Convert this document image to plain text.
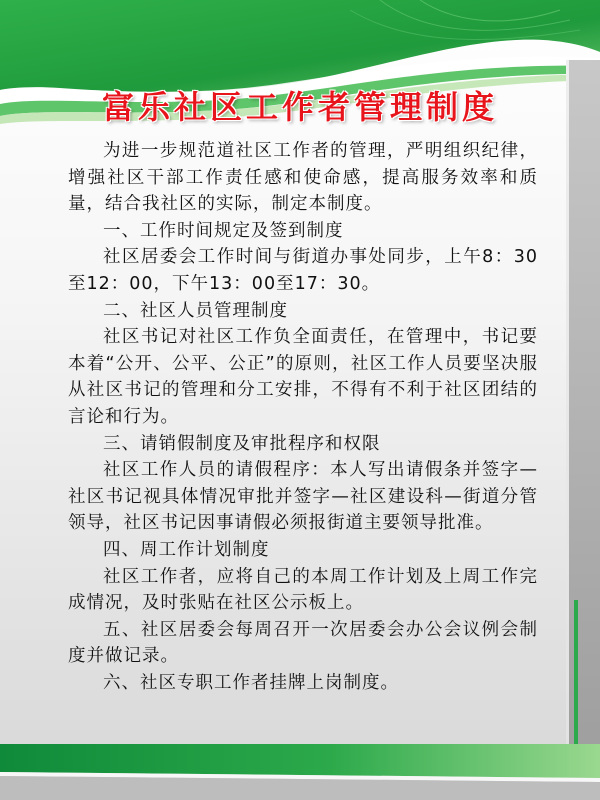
富乐社区工作者管理制度

为进一步规范道社区工作者的管理，严明组织纪律，增强社区干部工作责任感和使命感，提高服务效率和质量，结合我社区的实际，制定本制度。

一、工作时间规定及签到制度

社区居委会工作时间与街道办事处同步，上午8：30至12：00，下午13：00至17：30。

二、社区人员管理制度

社区书记对社区工作负全面责任，在管理中，书记要本着“公开、公平、公正”的原则，社区工作人员要坚决服从社区书记的管理和分工安排，不得有不利于社区团结的言论和行为。

三、请销假制度及审批程序和权限

社区工作人员的请假程序：本人写出请假条并签字—社区书记视具体情况审批并签字—社区建设科—街道分管领导，社区书记因事请假必须报街道主要领导批准。

四、周工作计划制度

社区工作者，应将自己的本周工作计划及上周工作完成情况，及时张贴在社区公示板上。

五、社区居委会每周召开一次居委会办公会议例会制度并做记录。

六、社区专职工作者挂牌上岗制度。
